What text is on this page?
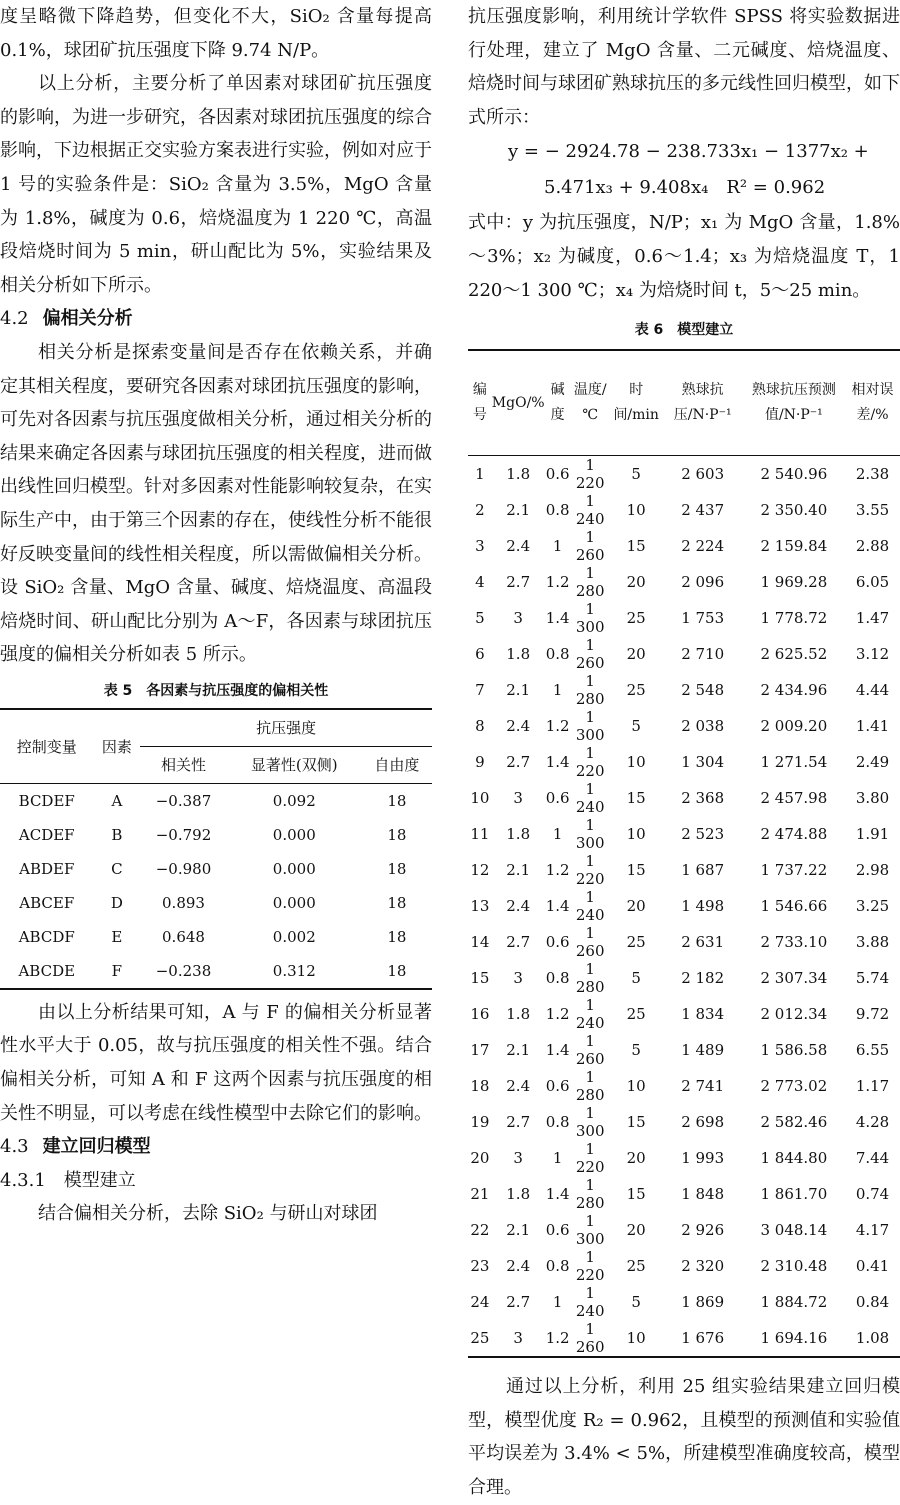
度呈略微下降趋势，但变化不大，SiO₂ 含量每提高 0.1%，球团矿抗压强度下降 9.74 N/P。

以上分析，主要分析了单因素对球团矿抗压强度的影响，为进一步研究，各因素对球团抗压强度的综合影响，下边根据正交实验方案表进行实验，例如对应于 1 号的实验条件是：SiO₂ 含量为 3.5%，MgO 含量为 1.8%，碱度为 0.6，焙烧温度为 1 220 ℃，高温段焙烧时间为 5 min，研山配比为 5%，实验结果及相关分析如下所示。

4.2 偏相关分析

相关分析是探索变量间是否存在依赖关系，并确定其相关程度，要研究各因素对球团抗压强度的影响，可先对各因素与抗压强度做相关分析，通过相关分析的结果来确定各因素与球团抗压强度的相关程度，进而做出线性回归模型。针对多因素对性能影响较复杂，在实际生产中，由于第三个因素的存在，使线性分析不能很好反映变量间的线性相关程度，所以需做偏相关分析。设 SiO₂ 含量、MgO 含量、碱度、焙烧温度、高温段焙烧时间、研山配比分别为 A～F，各因素与球团抗压强度的偏相关分析如表 5 所示。

表 5　各因素与抗压强度的偏相关性

控制变量	因素	抗压强度		
		相关性	显著性(双侧)	自由度
BCDEF	A	−0.387	0.092	18
ACDEF	B	−0.792	0.000	18
ABDEF	C	−0.980	0.000	18
ABCEF	D	0.893	0.000	18
ABCDF	E	0.648	0.002	18
ABCDE	F	−0.238	0.312	18

由以上分析结果可知，A 与 F 的偏相关分析显著性水平大于 0.05，故与抗压强度的相关性不强。结合偏相关分析，可知 A 和 F 这两个因素与抗压强度的相关性不明显，可以考虑在线性模型中去除它们的影响。

4.3 建立回归模型

4.3.1　模型建立

结合偏相关分析，去除 SiO₂ 与研山对球团

抗压强度影响，利用统计学软件 SPSS 将实验数据进行处理，建立了 MgO 含量、二元碱度、焙烧温度、焙烧时间与球团矿熟球抗压的多元线性回归模型，如下式所示：

y = − 2924.78 − 238.733x₁ − 1377x₂ +

5.471x₃ + 9.408x₄　R² = 0.962

式中：y 为抗压强度，N/P；x₁ 为 MgO 含量，1.8%～3%；x₂ 为碱度，0.6～1.4；x₃ 为焙烧温度 T，1 220～1 300 ℃；x₄ 为焙烧时间 t，5～25 min。

表 6　模型建立

编号	MgO/%	碱度	温度/℃	时间/min	熟球抗压/N·P⁻¹	熟球抗压预测值/N·P⁻¹	相对误差/%
1	1.8	0.6	1 220	5	2 603	2 540.96	2.38
2	2.1	0.8	1 240	10	2 437	2 350.40	3.55
3	2.4	1	1 260	15	2 224	2 159.84	2.88
4	2.7	1.2	1 280	20	2 096	1 969.28	6.05
5	3	1.4	1 300	25	1 753	1 778.72	1.47
6	1.8	0.8	1 260	20	2 710	2 625.52	3.12
7	2.1	1	1 280	25	2 548	2 434.96	4.44
8	2.4	1.2	1 300	5	2 038	2 009.20	1.41
9	2.7	1.4	1 220	10	1 304	1 271.54	2.49
10	3	0.6	1 240	15	2 368	2 457.98	3.80
11	1.8	1	1 300	10	2 523	2 474.88	1.91
12	2.1	1.2	1 220	15	1 687	1 737.22	2.98
13	2.4	1.4	1 240	20	1 498	1 546.66	3.25
14	2.7	0.6	1 260	25	2 631	2 733.10	3.88
15	3	0.8	1 280	5	2 182	2 307.34	5.74
16	1.8	1.2	1 240	25	1 834	2 012.34	9.72
17	2.1	1.4	1 260	5	1 489	1 586.58	6.55
18	2.4	0.6	1 280	10	2 741	2 773.02	1.17
19	2.7	0.8	1 300	15	2 698	2 582.46	4.28
20	3	1	1 220	20	1 993	1 844.80	7.44
21	1.8	1.4	1 280	15	1 848	1 861.70	0.74
22	2.1	0.6	1 300	20	2 926	3 048.14	4.17
23	2.4	0.8	1 220	25	2 320	2 310.48	0.41
24	2.7	1	1 240	5	1 869	1 884.72	0.84
25	3	1.2	1 260	10	1 676	1 694.16	1.08

通过以上分析，利用 25 组实验结果建立回归模型，模型优度 R₂ = 0.962，且模型的预测值和实验值平均误差为 3.4% < 5%，所建模型准确度较高，模型合理。
